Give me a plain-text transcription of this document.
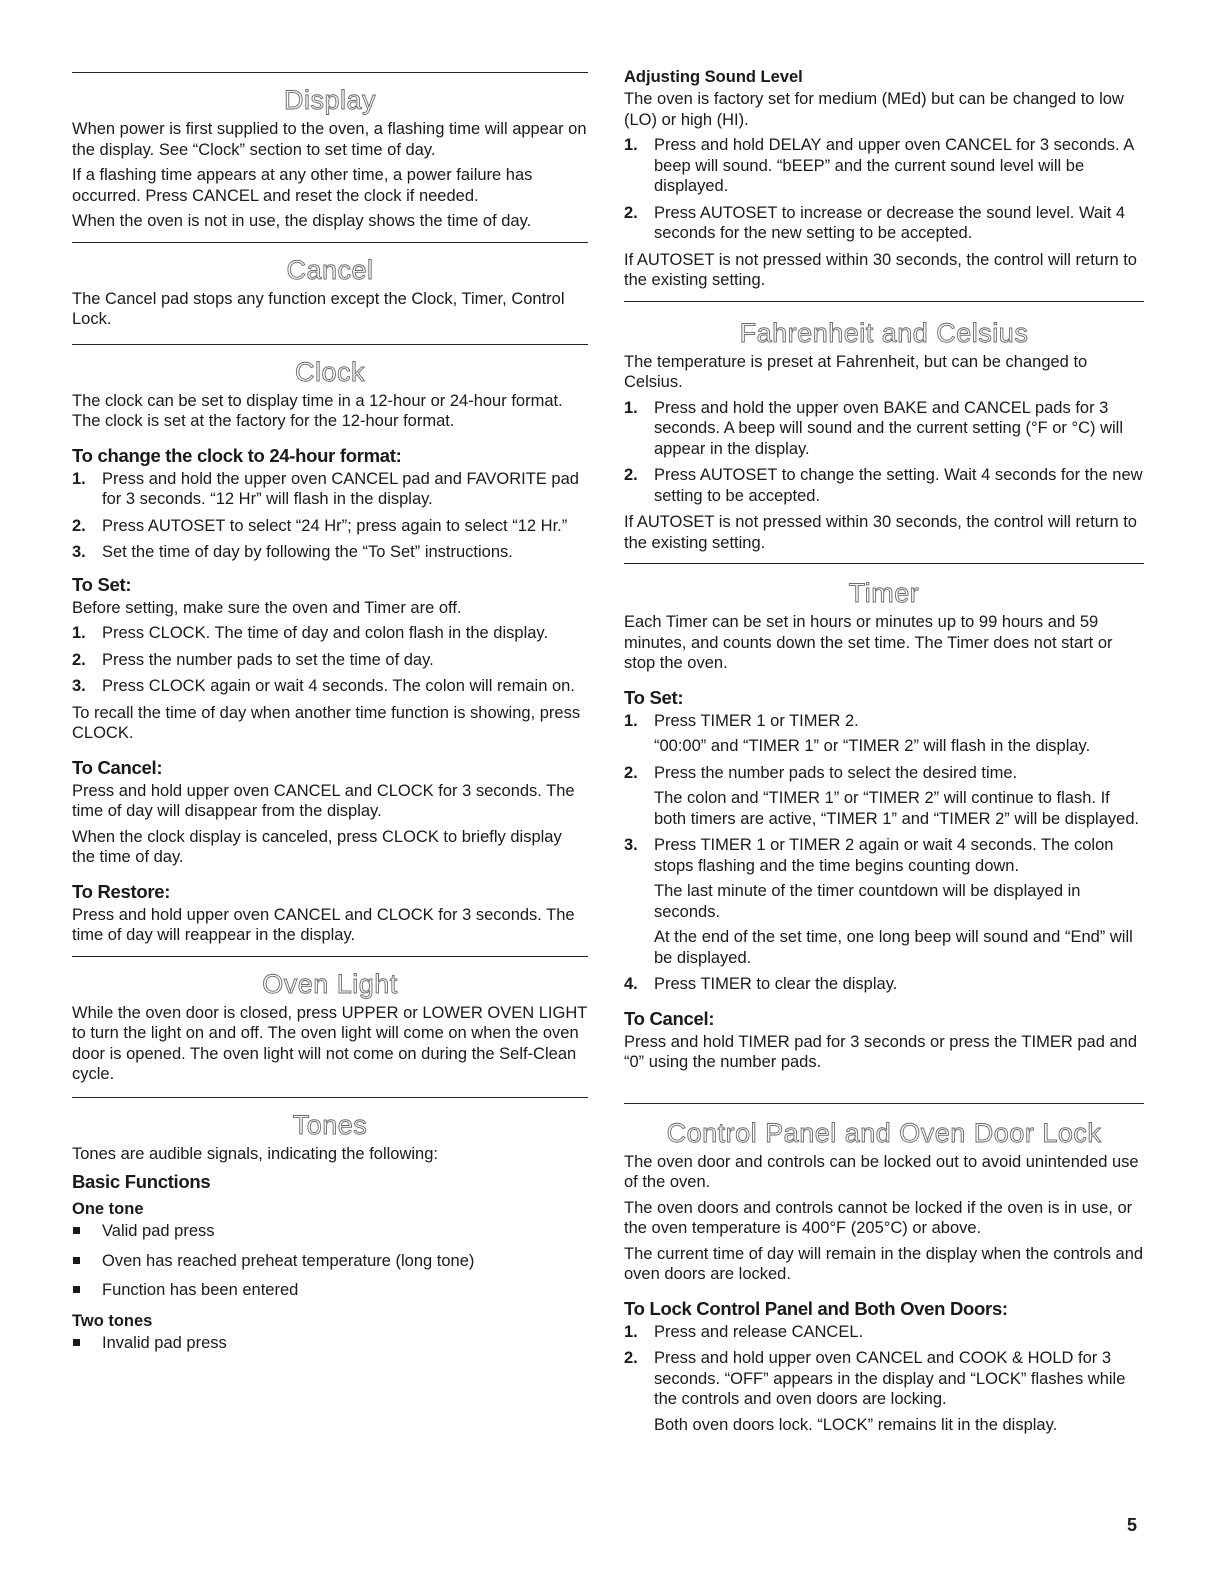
Display

When power is first supplied to the oven, a flashing time will appear on the display. See “Clock” section to set time of day.

If a flashing time appears at any other time, a power failure has occurred. Press CANCEL and reset the clock if needed.

When the oven is not in use, the display shows the time of day.

Cancel

The Cancel pad stops any function except the Clock, Timer, Control Lock.

Clock

The clock can be set to display time in a 12-hour or 24-hour format. The clock is set at the factory for the 12-hour format.

To change the clock to 24-hour format:
1. Press and hold the upper oven CANCEL pad and FAVORITE pad for 3 seconds. “12 Hr” will flash in the display.
2. Press AUTOSET to select “24 Hr”; press again to select “12 Hr.”
3. Set the time of day by following the “To Set” instructions.
To Set:

Before setting, make sure the oven and Timer are off.

1. Press CLOCK. The time of day and colon flash in the display.
2. Press the number pads to set the time of day.
3. Press CLOCK again or wait 4 seconds. The colon will remain on.

To recall the time of day when another time function is showing, press CLOCK.

To Cancel:

Press and hold upper oven CANCEL and CLOCK for 3 seconds. The time of day will disappear from the display.

When the clock display is canceled, press CLOCK to briefly display the time of day.

To Restore:

Press and hold upper oven CANCEL and CLOCK for 3 seconds. The time of day will reappear in the display.

Oven Light

While the oven door is closed, press UPPER or LOWER OVEN LIGHT to turn the light on and off. The oven light will come on when the oven door is opened. The oven light will not come on during the Self-Clean cycle.

Tones

Tones are audible signals, indicating the following:

Basic Functions
One tone
Valid pad press
Oven has reached preheat temperature (long tone)
Function has been entered
Two tones
Invalid pad press
Adjusting Sound Level

The oven is factory set for medium (MEd) but can be changed to low (LO) or high (HI).

1. Press and hold DELAY and upper oven CANCEL for 3 seconds. A beep will sound. “bEEP” and the current sound level will be displayed.
2. Press AUTOSET to increase or decrease the sound level. Wait 4 seconds for the new setting to be accepted.

If AUTOSET is not pressed within 30 seconds, the control will return to the existing setting.

Fahrenheit and Celsius

The temperature is preset at Fahrenheit, but can be changed to Celsius.

1. Press and hold the upper oven BAKE and CANCEL pads for 3 seconds. A beep will sound and the current setting (°F or °C) will appear in the display.
2. Press AUTOSET to change the setting. Wait 4 seconds for the new setting to be accepted.

If AUTOSET is not pressed within 30 seconds, the control will return to the existing setting.

Timer

Each Timer can be set in hours or minutes up to 99 hours and 59 minutes, and counts down the set time. The Timer does not start or stop the oven.

To Set:
1. Press TIMER 1 or TIMER 2.

“00:00” and “TIMER 1” or “TIMER 2” will flash in the display.

2. Press the number pads to select the desired time.

The colon and “TIMER 1” or “TIMER 2” will continue to flash. If both timers are active, “TIMER 1” and “TIMER 2” will be displayed.

3. Press TIMER 1 or TIMER 2 again or wait 4 seconds. The colon stops flashing and the time begins counting down.

The last minute of the timer countdown will be displayed in seconds.

At the end of the set time, one long beep will sound and “End” will be displayed.

4. Press TIMER to clear the display.
To Cancel:

Press and hold TIMER pad for 3 seconds or press the TIMER pad and “0” using the number pads.

Control Panel and Oven Door Lock

The oven door and controls can be locked out to avoid unintended use of the oven.

The oven doors and controls cannot be locked if the oven is in use, or the oven temperature is 400°F (205°C) or above.

The current time of day will remain in the display when the controls and oven doors are locked.

To Lock Control Panel and Both Oven Doors:
1. Press and release CANCEL.
2. Press and hold upper oven CANCEL and COOK & HOLD for 3 seconds. “OFF” appears in the display and “LOCK” flashes while the controls and oven doors are locking.

Both oven doors lock. “LOCK” remains lit in the display.

5
